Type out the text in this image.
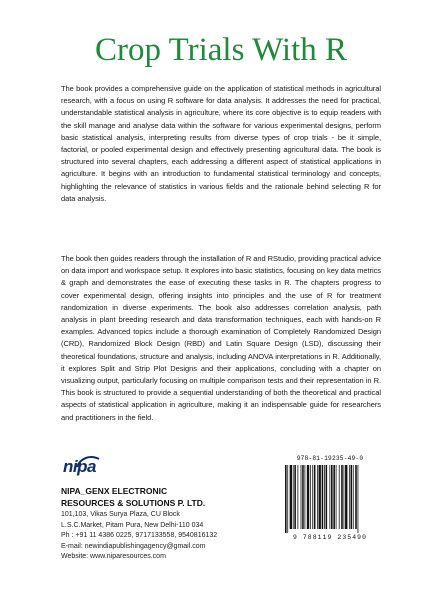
Crop Trials With R

The book provides a comprehensive guide on the application of statistical methods in agricultural research, with a focus on using R software for data analysis. It addresses the need for practical, understandable statistical analysis in agriculture, where its core objective is to equip readers with the skill manage and analyse data within the software for various experimental designs, perform basic statistical analysis, interpreting results from diverse types of crop trials - be it simple, factorial, or pooled experimental design and effectively presenting agricultural data. The book is structured into several chapters, each addressing a different aspect of statistical applications in agriculture. It begins with an introduction to fundamental statistical terminology and concepts, highlighting the relevance of statistics in various fields and the rationale behind selecting R for data analysis.

The book then guides readers through the installation of R and RStudio, providing practical advice on data import and workspace setup. It explores into basic statistics, focusing on key data metrics & graph and demonstrates the ease of executing these tasks in R. The chapters progress to cover experimental design, offering insights into principles and the use of R for treatment randomization in diverse experiments. The book also addresses correlation analysis, path analysis in plant breeding research and data transformation techniques, each with hands-on R examples. Advanced topics include a thorough examination of Completely Randomized Design (CRD), Randomized Block Design (RBD) and Latin Square Design (LSD), discussing their theoretical foundations, structure and analysis, including ANOVA interpretations in R. Additionally, it explores Split and Strip Plot Designs and their applications, concluding with a chapter on visualizing output, particularly focusing on multiple comparison tests and their representation in R. This book is structured to provide a sequential understanding of both the theoretical and practical aspects of statistical application in agriculture, making it an indispensable guide for researchers and practitioners in the field.

nipa
NIPA_GENX ELECTRONIC
RESOURCES & SOLUTIONS P. LTD.
101,103, Vikas Surya Plaza, CU Block
L.S.C.Market, Pitam Pura, New Delhi-110 034
Ph : +91 11 4386 0225, 9717133558, 9540816132
E-mail: newindiapublishingagency@gmail.com
Website: www.niparesources.com
978-81-19235-49-0
9 788119 235490
